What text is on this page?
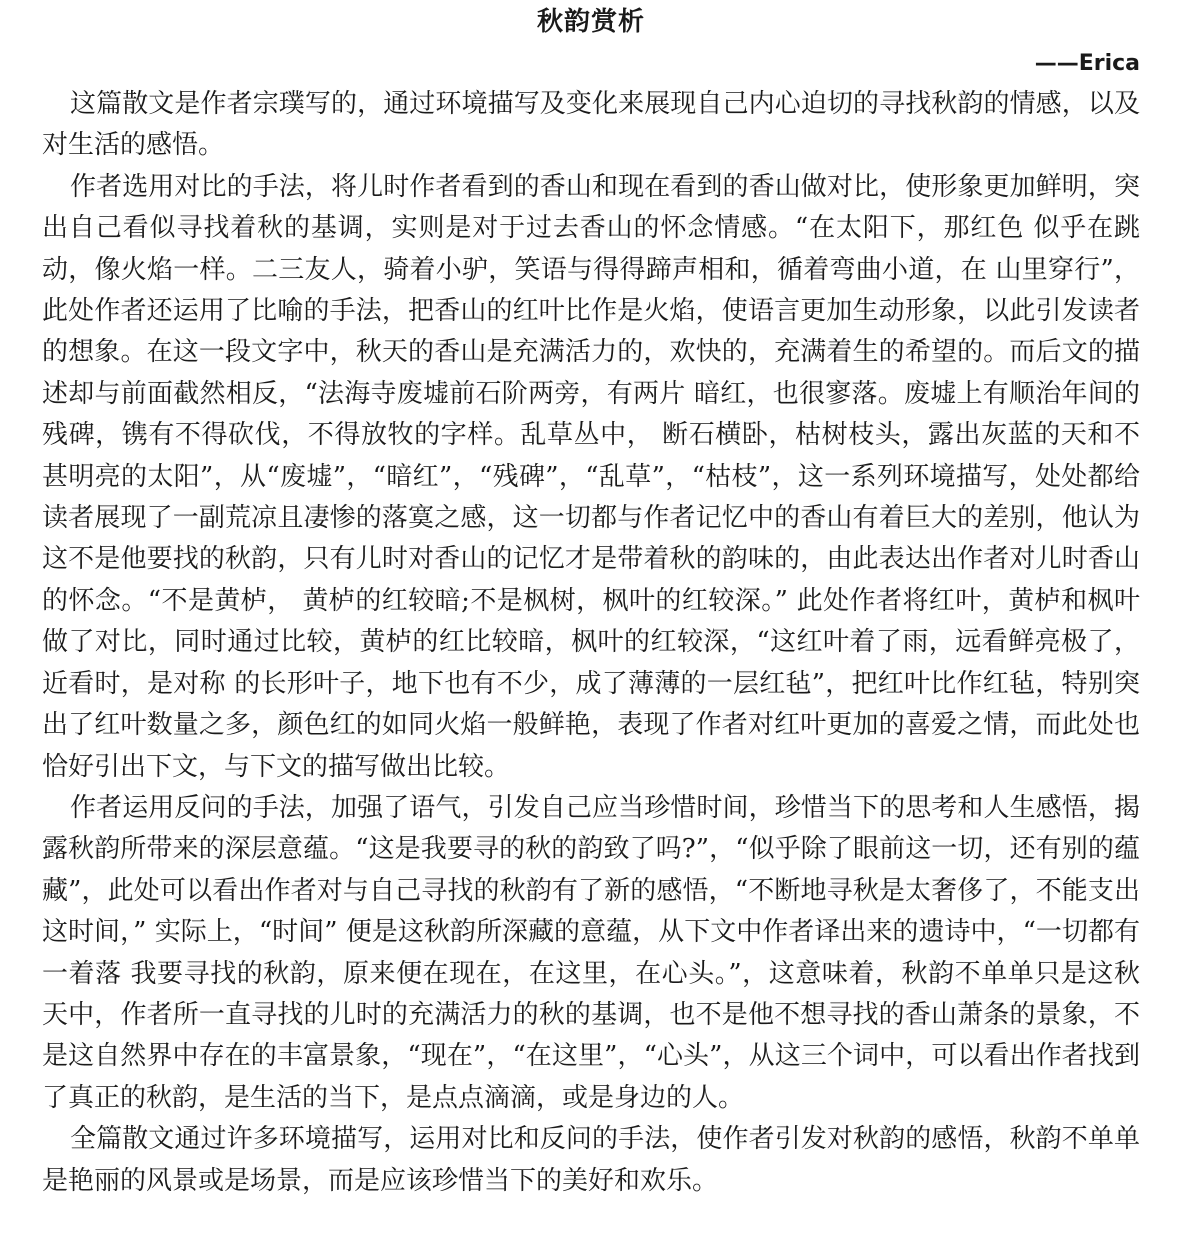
秋韵赏析

——Erica

这篇散文是作者宗璞写的，通过环境描写及变化来展现自己内心迫切的寻找秋韵的情感，以及对生活的感悟。

作者选用对比的手法，将儿时作者看到的香山和现在看到的香山做对比，使形象更加鲜明，突出自己看似寻找着秋的基调，实则是对于过去香山的怀念情感。“在太阳下，那红色 似乎在跳动，像火焰一样。二三友人，骑着小驴，笑语与得得蹄声相和，循着弯曲小道，在 山里穿行”，此处作者还运用了比喻的手法，把香山的红叶比作是火焰，使语言更加生动形象，以此引发读者的想象。在这一段文字中，秋天的香山是充满活力的，欢快的，充满着生的希望的。而后文的描述却与前面截然相反，“法海寺废墟前石阶两旁，有两片 暗红，也很寥落。废墟上有顺治年间的残碑，镌有不得砍伐，不得放牧的字样。乱草丛中， 断石横卧，枯树枝头，露出灰蓝的天和不甚明亮的太阳”，从“废墟”，“暗红”，“残碑”，“乱草”，“枯枝”，这一系列环境描写，处处都给读者展现了一副荒凉且凄惨的落寞之感，这一切都与作者记忆中的香山有着巨大的差别，他认为这不是他要找的秋韵，只有儿时对香山的记忆才是带着秋的韵味的，由此表达出作者对儿时香山的怀念。“不是黄栌， 黄栌的红较暗;不是枫树，枫叶的红较深。” 此处作者将红叶，黄栌和枫叶做了对比，同时通过比较，黄栌的红比较暗，枫叶的红较深，“这红叶着了雨，远看鲜亮极了，近看时，是对称 的长形叶子，地下也有不少，成了薄薄的一层红毡”，把红叶比作红毡，特别突出了红叶数量之多，颜色红的如同火焰一般鲜艳，表现了作者对红叶更加的喜爱之情，而此处也恰好引出下文，与下文的描写做出比较。

作者运用反问的手法，加强了语气，引发自己应当珍惜时间，珍惜当下的思考和人生感悟，揭露秋韵所带来的深层意蕴。“这是我要寻的秋的韵致了吗?”，“似乎除了眼前这一切，还有别的蕴藏”，此处可以看出作者对与自己寻找的秋韵有了新的感悟，“不断地寻秋是太奢侈了，不能支出这时间，” 实际上，“时间” 便是这秋韵所深藏的意蕴，从下文中作者译出来的遗诗中，“一切都有一着落 我要寻找的秋韵，原来便在现在，在这里，在心头。”，这意味着，秋韵不单单只是这秋天中，作者所一直寻找的儿时的充满活力的秋的基调，也不是他不想寻找的香山萧条的景象，不是这自然界中存在的丰富景象，“现在”，“在这里”，“心头”，从这三个词中，可以看出作者找到了真正的秋韵，是生活的当下，是点点滴滴，或是身边的人。

全篇散文通过许多环境描写，运用对比和反问的手法，使作者引发对秋韵的感悟，秋韵不单单是艳丽的风景或是场景，而是应该珍惜当下的美好和欢乐。
